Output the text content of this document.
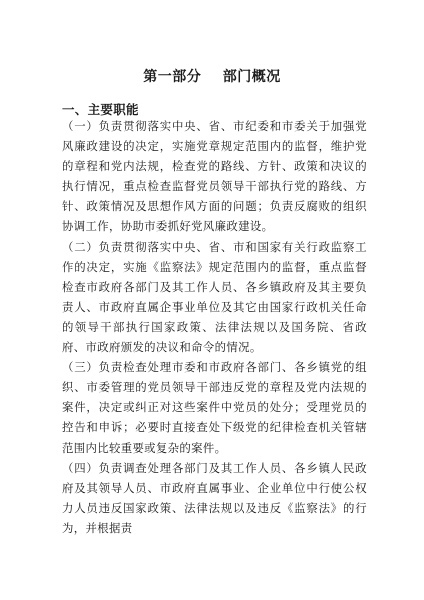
第一部分    部门概况
一、主要职能

（一）负责贯彻落实中央、省、市纪委和市委关于加强党风廉政建设的决定，实施党章规定范围内的监督，维护党的章程和党内法规，检查党的路线、方针、政策和决议的执行情况，重点检查监督党员领导干部执行党的路线、方针、政策情况及思想作风方面的问题；负责反腐败的组织协调工作，协助市委抓好党风廉政建设。

（二）负责贯彻落实中央、省、市和国家有关行政监察工作的决定，实施《监察法》规定范围内的监督，重点监督检查市政府各部门及其工作人员、各乡镇政府及其主要负责人、市政府直属企事业单位及其它由国家行政机关任命的领导干部执行国家政策、法律法规以及国务院、省政府、市政府颁发的决议和命令的情况。

（三）负责检查处理市委和市政府各部门、各乡镇党的组织、市委管理的党员领导干部违反党的章程及党内法规的案件，决定或纠正对这些案件中党员的处分；受理党员的控告和申诉；必要时直接查处下级党的纪律检查机关管辖范围内比较重要或复杂的案件。

（四）负责调查处理各部门及其工作人员、各乡镇人民政府及其领导人员、市政府直属事业、企业单位中行使公权力人员违反国家政策、法律法规以及违反《监察法》的行为，并根据责
